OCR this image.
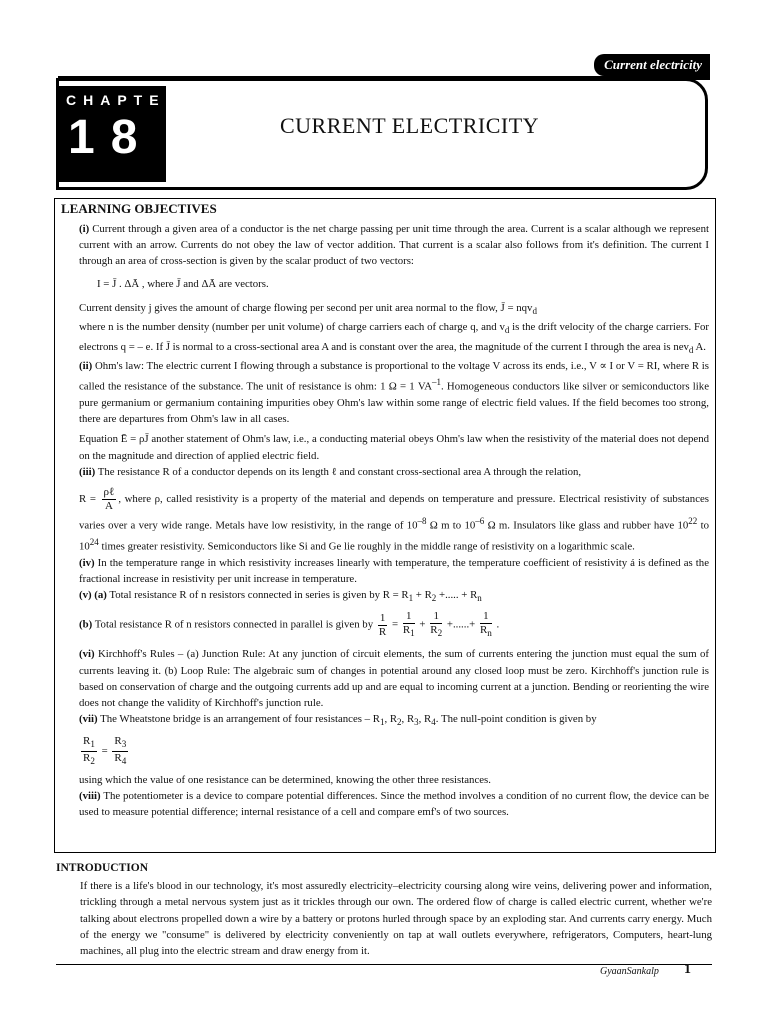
Current electricity
CHAPTER
18	CURRENT ELECTRICITY
LEARNING OBJECTIVES

(i) Current through a given area of a conductor is the net charge passing per unit time through the area. Current is a scalar although we represent current with an arrow. Currents do not obey the law of vector addition. That current is a scalar also follows from it's definition. The current I through an area of cross-section is given by the scalar product of two vectors:

I = J̄ . ΔĀ , where J̄ and ΔĀ are vectors.

Current density j gives the amount of charge flowing per second per unit area normal to the flow, J̄ = nqv$_d$

where n is the number density (number per unit volume) of charge carriers each of charge q, and $v_d$ is the drift velocity of the charge carriers. For electrons q = – e. If J̄ is normal to a cross-sectional area A and is constant over the area, the magnitude of the current I through the area is nev$_d$ A.

(ii) Ohm's law: The electric current I flowing through a substance is proportional to the voltage V across its ends, i.e., V ∝ I or V = RI, where R is called the resistance of the substance. The unit of resistance is ohm: 1 Ω = 1 $VA^{-1}$. Homogeneous conductors like silver or semiconductors like pure germanium or germanium containing impurities obey Ohm's law within some range of electric field values. If the field becomes too strong, there are departures from Ohm's law in all cases.

Equation Ē = ρJ̄ another statement of Ohm's law, i.e., a conducting material obeys Ohm's law when the resistivity of the material does not depend on the magnitude and direction of applied electric field.

(iii) The resistance R of a conductor depends on its length ℓ and constant cross-sectional area A through the relation,

$R = \frac{\text{ρℓ}}{A}$ , where ρ, called resistivity is a property of the material and depends on temperature and pressure. Electrical resistivity of substances varies over a very wide range. Metals have low resistivity, in the range of $10^{-8}$ Ω m to $10^{-6}$ Ω m. Insulators like glass and rubber have $10^{22}$ to $10^{24}$ times greater resistivity. Semiconductors like Si and Ge lie roughly in the middle range of resistivity on a logarithmic scale.

(iv) In the temperature range in which resistivity increases linearly with temperature, the temperature coefficient of resistivity á is defined as the fractional increase in resistivity per unit increase in temperature.

(v) (a) Total resistance R of n resistors connected in series is given by $R = R_1 + R_2$ +..... + $R_n$

(b) Total resistance R of n resistors connected in parallel is given by $\frac{1}{R} = \frac{1}{R_1} + \frac{1}{R_2}$ +......+ $\frac{1}{R_n}$ .

(vi) Kirchhoff's Rules – (a) Junction Rule: At any junction of circuit elements, the sum of currents entering the junction must equal the sum of currents leaving it. (b) Loop Rule: The algebraic sum of changes in potential around any closed loop must be zero. Kirchhoff's junction rule is based on conservation of charge and the outgoing currents add up and are equal to incoming current at a junction. Bending or reorienting the wire does not change the validity of Kirchhoff's junction rule.

(vii) The Wheatstone bridge is an arrangement of four resistances – $R_1$, $R_2$, $R_3$, $R_4$. The null-point condition is given by

$\frac{R_1}{R_2} = \frac{R_3}{R_4}$

using which the value of one resistance can be determined, knowing the other three resistances.

(viii) The potentiometer is a device to compare potential differences. Since the method involves a condition of no current flow, the device can be used to measure potential difference; internal resistance of a cell and compare emf's of two sources.

INTRODUCTION
If there is a life's blood in our technology, it's most assuredly electricity–electricity coursing along wire veins, delivering power and information, trickling through a metal nervous system just as it trickles through our own. The ordered flow of charge is called electric current, whether we're talking about electrons propelled down a wire by a battery or protons hurled through space by an exploding star. And currents carry energy. Much of the energy we "consume" is delivered by electricity conveniently on tap at wall outlets everywhere, refrigerators, Computers, heart-lung machines, all plug into the electric stream and draw energy from it.
GyaanSankalp 1
